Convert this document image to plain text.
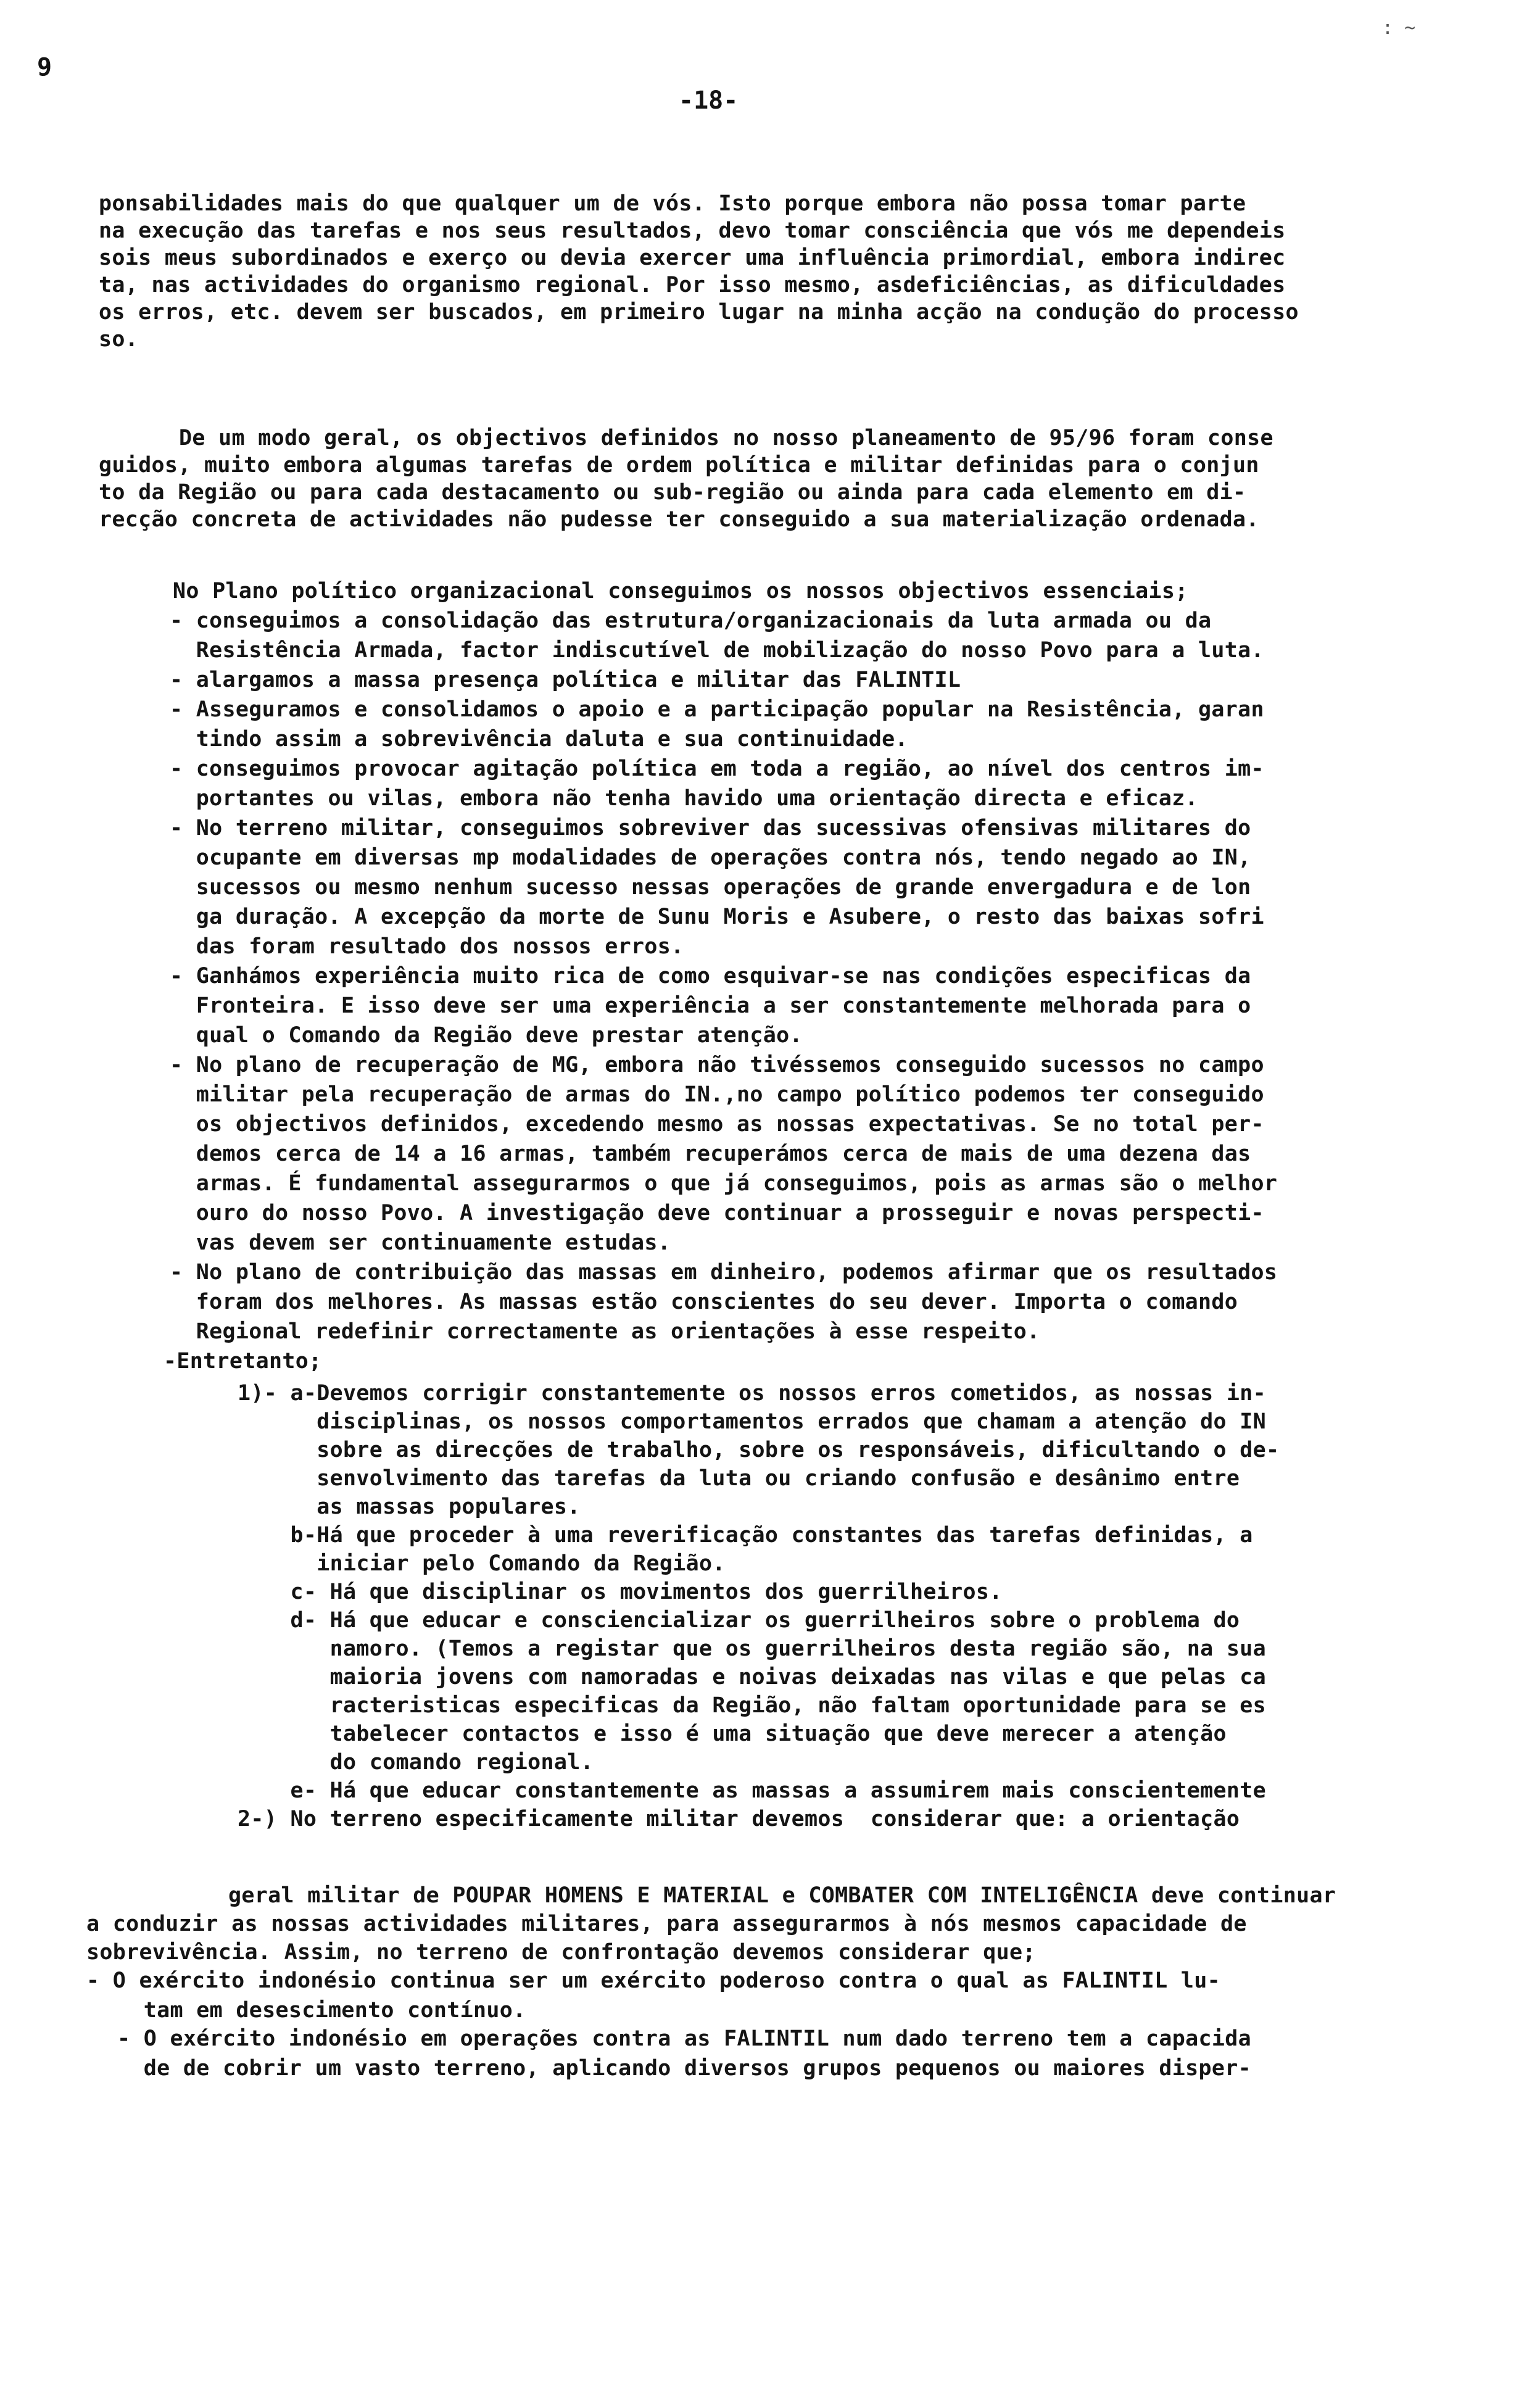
: ~
9
-18-
ponsabilidades mais do que qualquer um de vós. Isto porque embora não possa tomar parte
na execução das tarefas e nos seus resultados, devo tomar consciência que vós me dependeis
sois meus subordinados e exerço ou devia exercer uma influência primordial, embora indirec
ta, nas actividades do organismo regional. Por isso mesmo, asdeficiências, as dificuldades
os erros, etc. devem ser buscados, em primeiro lugar na minha acção na condução do processo
so.
De um modo geral, os objectivos definidos no nosso planeamento de 95/96 foram conse
guidos, muito embora algumas tarefas de ordem política e militar definidas para o conjun
to da Região ou para cada destacamento ou sub-região ou ainda para cada elemento em di-
recção concreta de actividades não pudesse ter conseguido a sua materialização ordenada.
No Plano político organizacional conseguimos os nossos objectivos essenciais;
- conseguimos a consolidação das estrutura/organizacionais da luta armada ou da
Resistência Armada, factor indiscutível de mobilização do nosso Povo para a luta.
- alargamos a massa presença política e militar das FALINTIL
- Asseguramos e consolidamos o apoio e a participação popular na Resistência, garan
tindo assim a sobrevivência daluta e sua continuidade.
- conseguimos provocar agitação política em toda a região, ao nível dos centros im-
portantes ou vilas, embora não tenha havido uma orientação directa e eficaz.
- No terreno militar, conseguimos sobreviver das sucessivas ofensivas militares do
ocupante em diversas mp modalidades de operações contra nós, tendo negado ao IN,
sucessos ou mesmo nenhum sucesso nessas operações de grande envergadura e de lon
ga duração. A excepção da morte de Sunu Moris e Asubere, o resto das baixas sofri
das foram resultado dos nossos erros.
- Ganhámos experiência muito rica de como esquivar-se nas condições especificas da
Fronteira. E isso deve ser uma experiência a ser constantemente melhorada para o
qual o Comando da Região deve prestar atenção.
- No plano de recuperação de MG, embora não tivéssemos conseguido sucessos no campo
militar pela recuperação de armas do IN.,no campo político podemos ter conseguido
os objectivos definidos, excedendo mesmo as nossas expectativas. Se no total per-
demos cerca de 14 a 16 armas, também recuperámos cerca de mais de uma dezena das
armas. É fundamental assegurarmos o que já conseguimos, pois as armas são o melhor
ouro do nosso Povo. A investigação deve continuar a prosseguir e novas perspecti-
vas devem ser continuamente estudas.
- No plano de contribuição das massas em dinheiro, podemos afirmar que os resultados
foram dos melhores. As massas estão conscientes do seu dever. Importa o comando
Regional redefinir correctamente as orientações à esse respeito.
-Entretanto;
1)- a-Devemos corrigir constantemente os nossos erros cometidos, as nossas in-
disciplinas, os nossos comportamentos errados que chamam a atenção do IN
sobre as direcções de trabalho, sobre os responsáveis, dificultando o de-
senvolvimento das tarefas da luta ou criando confusão e desânimo entre
as massas populares.
b-Há que proceder à uma reverificação constantes das tarefas definidas, a
iniciar pelo Comando da Região.
c- Há que disciplinar os movimentos dos guerrilheiros.
d- Há que educar e consciencializar os guerrilheiros sobre o problema do
namoro. (Temos a registar que os guerrilheiros desta região são, na sua
maioria jovens com namoradas e noivas deixadas nas vilas e que pelas ca
racteristicas especificas da Região, não faltam oportunidade para se es
tabelecer contactos e isso é uma situação que deve merecer a atenção
do comando regional.
e- Há que educar constantemente as massas a assumirem mais conscientemente
2-) No terreno especificamente militar devemos  considerar que: a orientação
geral militar de POUPAR HOMENS E MATERIAL e COMBATER COM INTELIGÊNCIA deve continuar
a conduzir as nossas actividades militares, para assegurarmos à nós mesmos capacidade de
sobrevivência. Assim, no terreno de confrontação devemos considerar que;
- O exército indonésio continua ser um exército poderoso contra o qual as FALINTIL lu-
tam em desescimento contínuo.
- O exército indonésio em operações contra as FALINTIL num dado terreno tem a capacida
de de cobrir um vasto terreno, aplicando diversos grupos pequenos ou maiores disper-
